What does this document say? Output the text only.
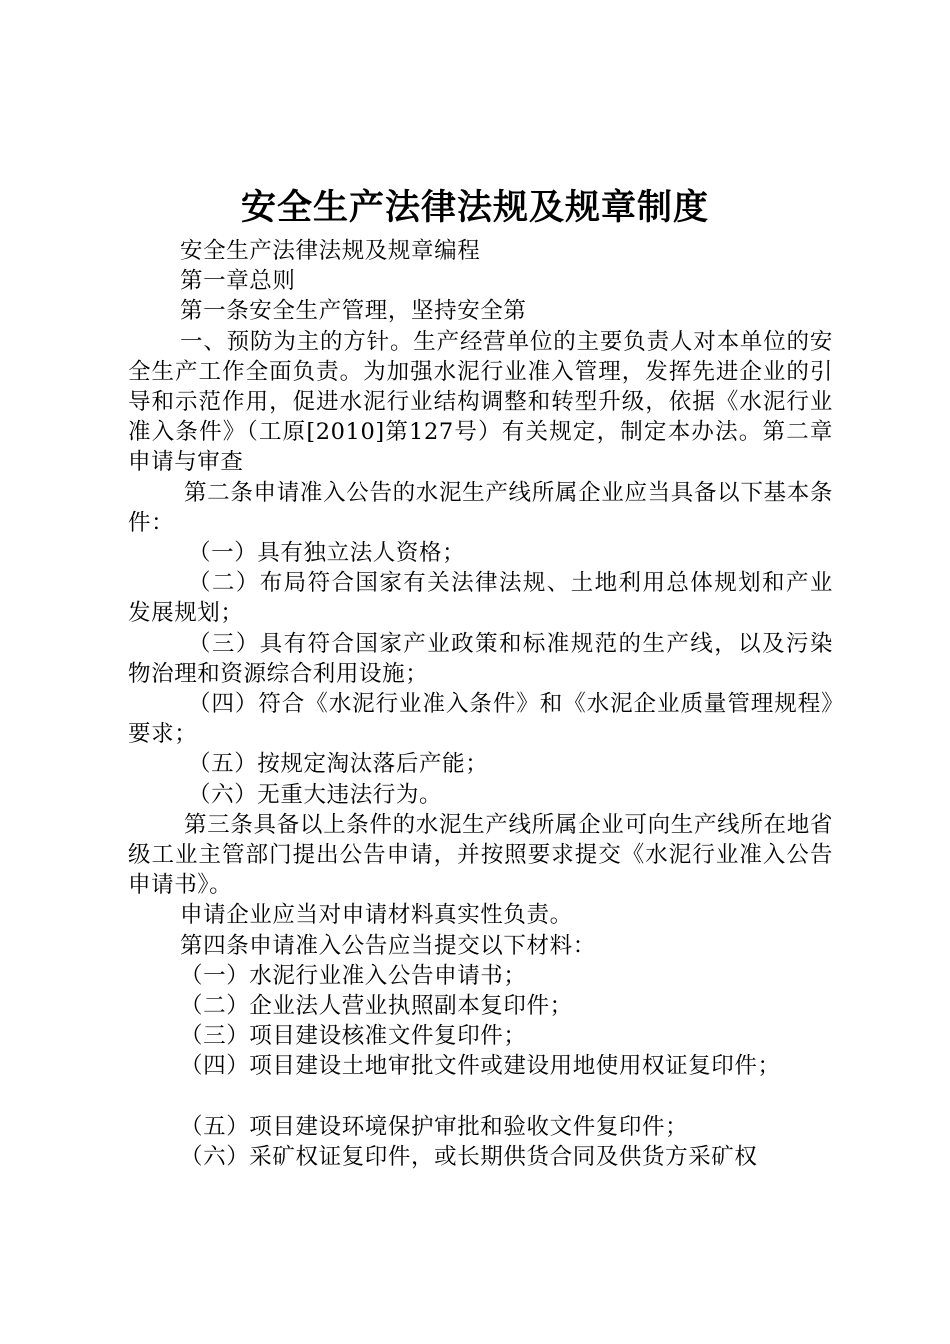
安全生产法律法规及规章制度

安全生产法律法规及规章编程

第一章总则

第一条安全生产管理，坚持安全第

一、预防为主的方针。生产经营单位的主要负责人对本单位的安全生产工作全面负责。为加强水泥行业准入管理，发挥先进企业的引导和示范作用，促进水泥行业结构调整和转型升级，依据《水泥行业准入条件》（工原[2010]第127号）有关规定，制定本办法。第二章申请与审查

第二条申请准入公告的水泥生产线所属企业应当具备以下基本条件：

（一）具有独立法人资格；

（二）布局符合国家有关法律法规、土地利用总体规划和产业发展规划；

（三）具有符合国家产业政策和标准规范的生产线，以及污染物治理和资源综合利用设施；

（四）符合《水泥行业准入条件》和《水泥企业质量管理规程》要求；

（五）按规定淘汰落后产能；

（六）无重大违法行为。

第三条具备以上条件的水泥生产线所属企业可向生产线所在地省级工业主管部门提出公告申请，并按照要求提交《水泥行业准入公告申请书》。

申请企业应当对申请材料真实性负责。

第四条申请准入公告应当提交以下材料：

（一）水泥行业准入公告申请书；

（二）企业法人营业执照副本复印件；

（三）项目建设核准文件复印件；

（四）项目建设土地审批文件或建设用地使用权证复印件；

（五）项目建设环境保护审批和验收文件复印件；

（六）采矿权证复印件，或长期供货合同及供货方采矿权
